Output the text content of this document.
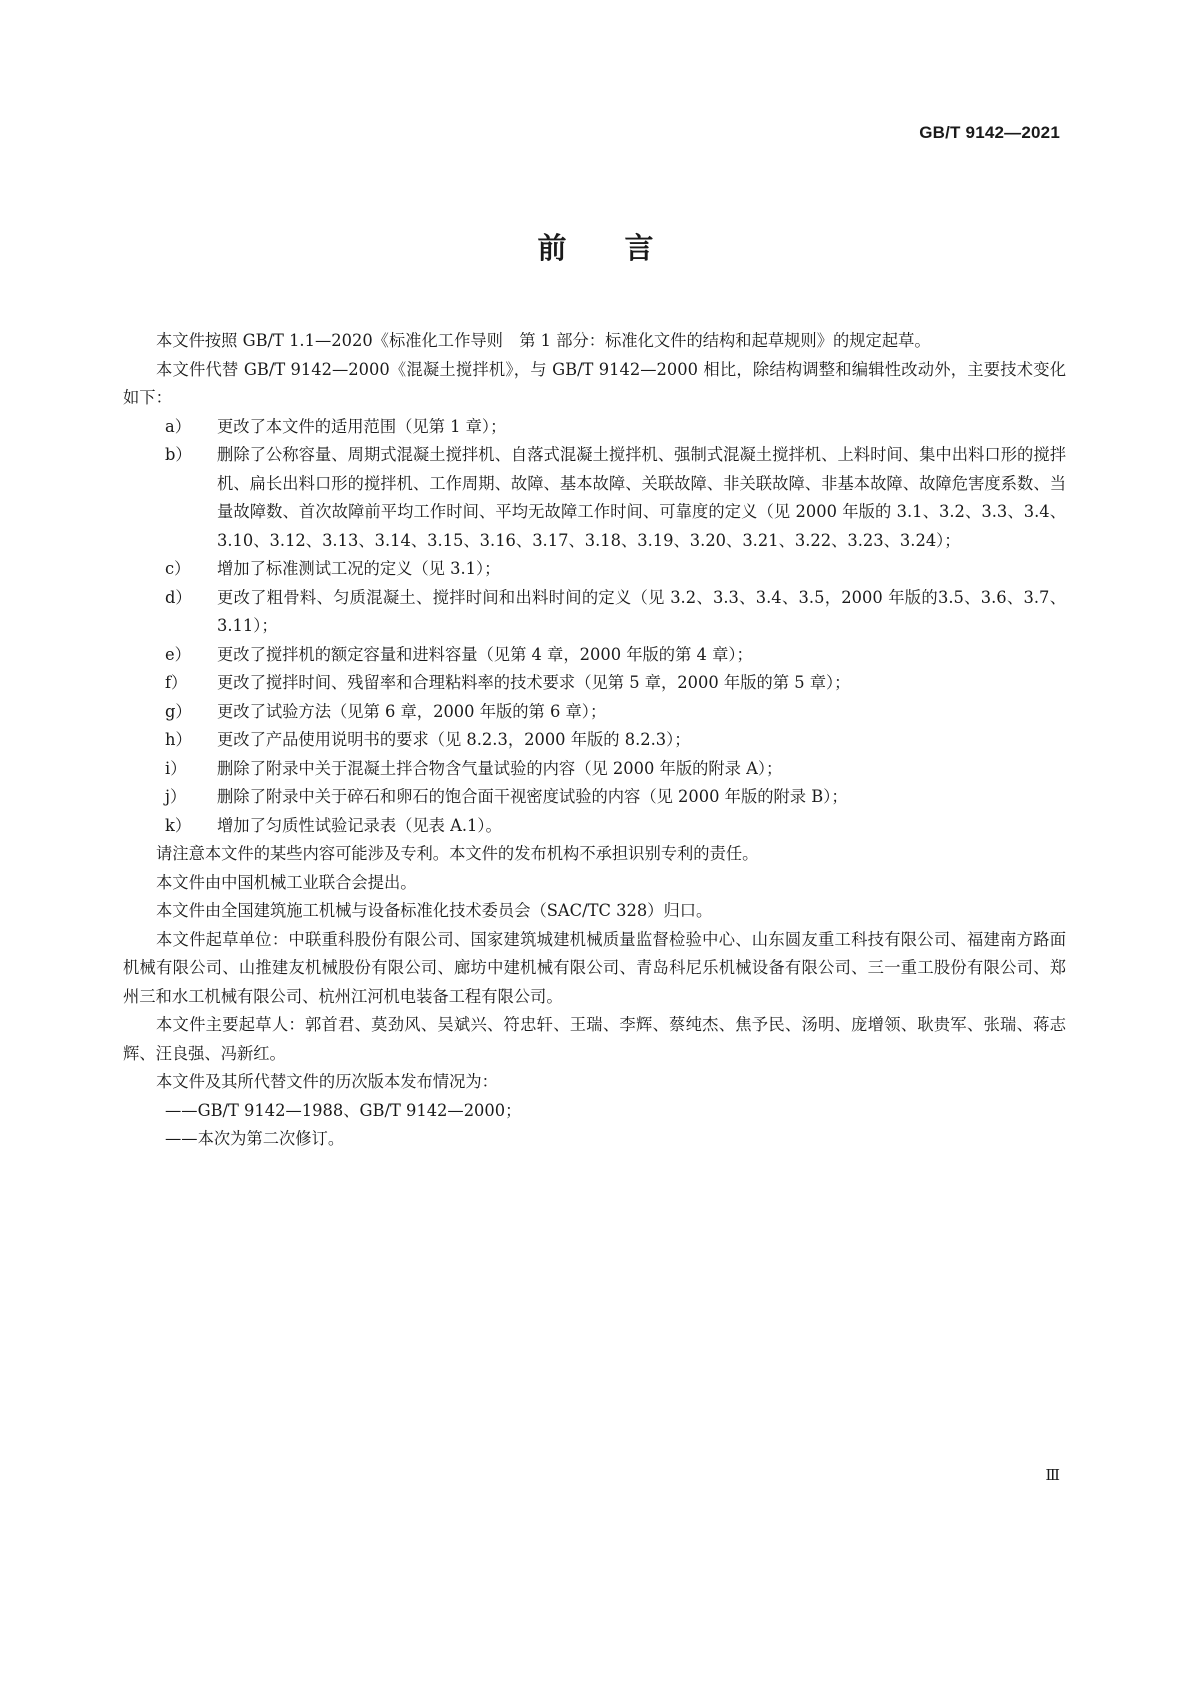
GB/T 9142—2021
前 言

本文件按照 GB/T 1.1—2020《标准化工作导则　第 1 部分：标准化文件的结构和起草规则》的规定起草。

本文件代替 GB/T 9142—2000《混凝土搅拌机》，与 GB/T 9142—2000 相比，除结构调整和编辑性改动外，主要技术变化如下：

a）	更改了本文件的适用范围（见第 1 章）；

b）	删除了公称容量、周期式混凝土搅拌机、自落式混凝土搅拌机、强制式混凝土搅拌机、上料时间、集中出料口形的搅拌机、扁长出料口形的搅拌机、工作周期、故障、基本故障、关联故障、非关联故障、非基本故障、故障危害度系数、当量故障数、首次故障前平均工作时间、平均无故障工作时间、可靠度的定义（见 2000 年版的 3.1、3.2、3.3、3.4、3.10、3.12、3.13、3.14、3.15、3.16、3.17、3.18、3.19、3.20、3.21、3.22、3.23、3.24）；

c）	增加了标准测试工况的定义（见 3.1）；

d）	更改了粗骨料、匀质混凝土、搅拌时间和出料时间的定义（见 3.2、3.3、3.4、3.5，2000 年版的3.5、3.6、3.7、3.11）；

e）	更改了搅拌机的额定容量和进料容量（见第 4 章，2000 年版的第 4 章）；

f）	更改了搅拌时间、残留率和合理粘料率的技术要求（见第 5 章，2000 年版的第 5 章）；

g）	更改了试验方法（见第 6 章，2000 年版的第 6 章）；

h）	更改了产品使用说明书的要求（见 8.2.3，2000 年版的 8.2.3）；

i）	删除了附录中关于混凝土拌合物含气量试验的内容（见 2000 年版的附录 A）；

j）	删除了附录中关于碎石和卵石的饱合面干视密度试验的内容（见 2000 年版的附录 B）；

k）	增加了匀质性试验记录表（见表 A.1）。

请注意本文件的某些内容可能涉及专利。本文件的发布机构不承担识别专利的责任。

本文件由中国机械工业联合会提出。

本文件由全国建筑施工机械与设备标准化技术委员会（SAC/TC 328）归口。

本文件起草单位：中联重科股份有限公司、国家建筑城建机械质量监督检验中心、山东圆友重工科技有限公司、福建南方路面机械有限公司、山推建友机械股份有限公司、廊坊中建机械有限公司、青岛科尼乐机械设备有限公司、三一重工股份有限公司、郑州三和水工机械有限公司、杭州江河机电装备工程有限公司。

本文件主要起草人：郭首君、莫劲风、吴斌兴、符忠轩、王瑞、李辉、蔡纯杰、焦予民、汤明、庞增领、耿贵军、张瑞、蒋志辉、汪良强、冯新红。

本文件及其所代替文件的历次版本发布情况为：

——GB/T 9142—1988、GB/T 9142—2000；

——本次为第二次修订。

Ⅲ
